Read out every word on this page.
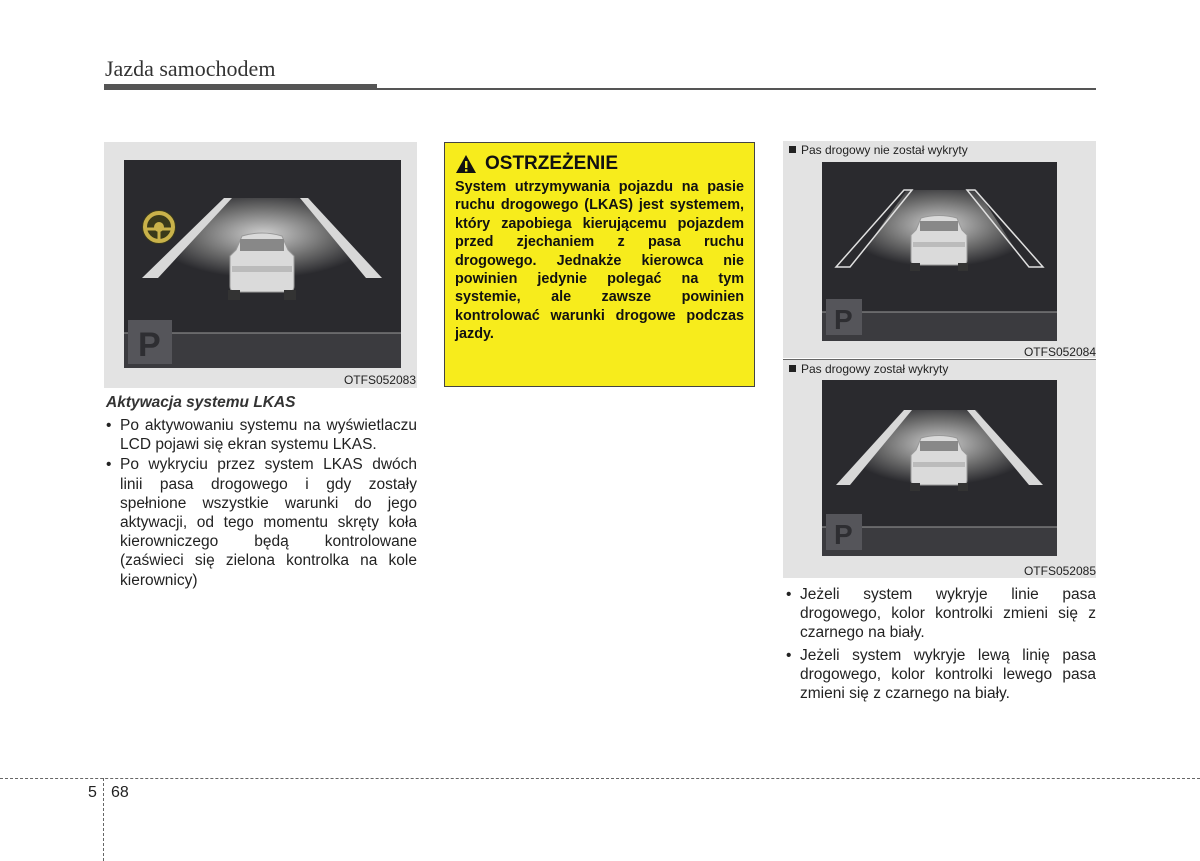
Jazda samochodem
P
OTFS052083
Aktywacja systemu LKAS
• Po aktywowaniu systemu na wyświetlaczu LCD pojawi się ekran systemu LKAS.
• Po wykryciu przez system LKAS dwóch linii pasa drogowego i gdy zostały spełnione wszystkie warunki do jego aktywacji, od tego momentu skręty koła kierowniczego będą kontrolowane (zaświeci się zielona kontrolka na kole kierownicy)
OSTRZEŻENIE
System utrzymywania pojazdu na pasie ruchu drogowego (LKAS) jest systemem, który zapobiega kierującemu pojazdem przed zjechaniem z pasa ruchu drogowego. Jednakże kierowca nie powinien jedynie polegać na tym systemie, ale zawsze powinien kontrolować warunki drogowe podczas jazdy.
Pas drogowy nie został wykryty
P
OTFS052084
Pas drogowy został wykryty
P
OTFS052085
• Jeżeli system wykryje linie pasa drogowego, kolor kontrolki zmieni się z czarnego na biały.
• Jeżeli system wykryje lewą linię pasa drogowego, kolor kontrolki lewego pasa zmieni się z czarnego na biały.
5 68
